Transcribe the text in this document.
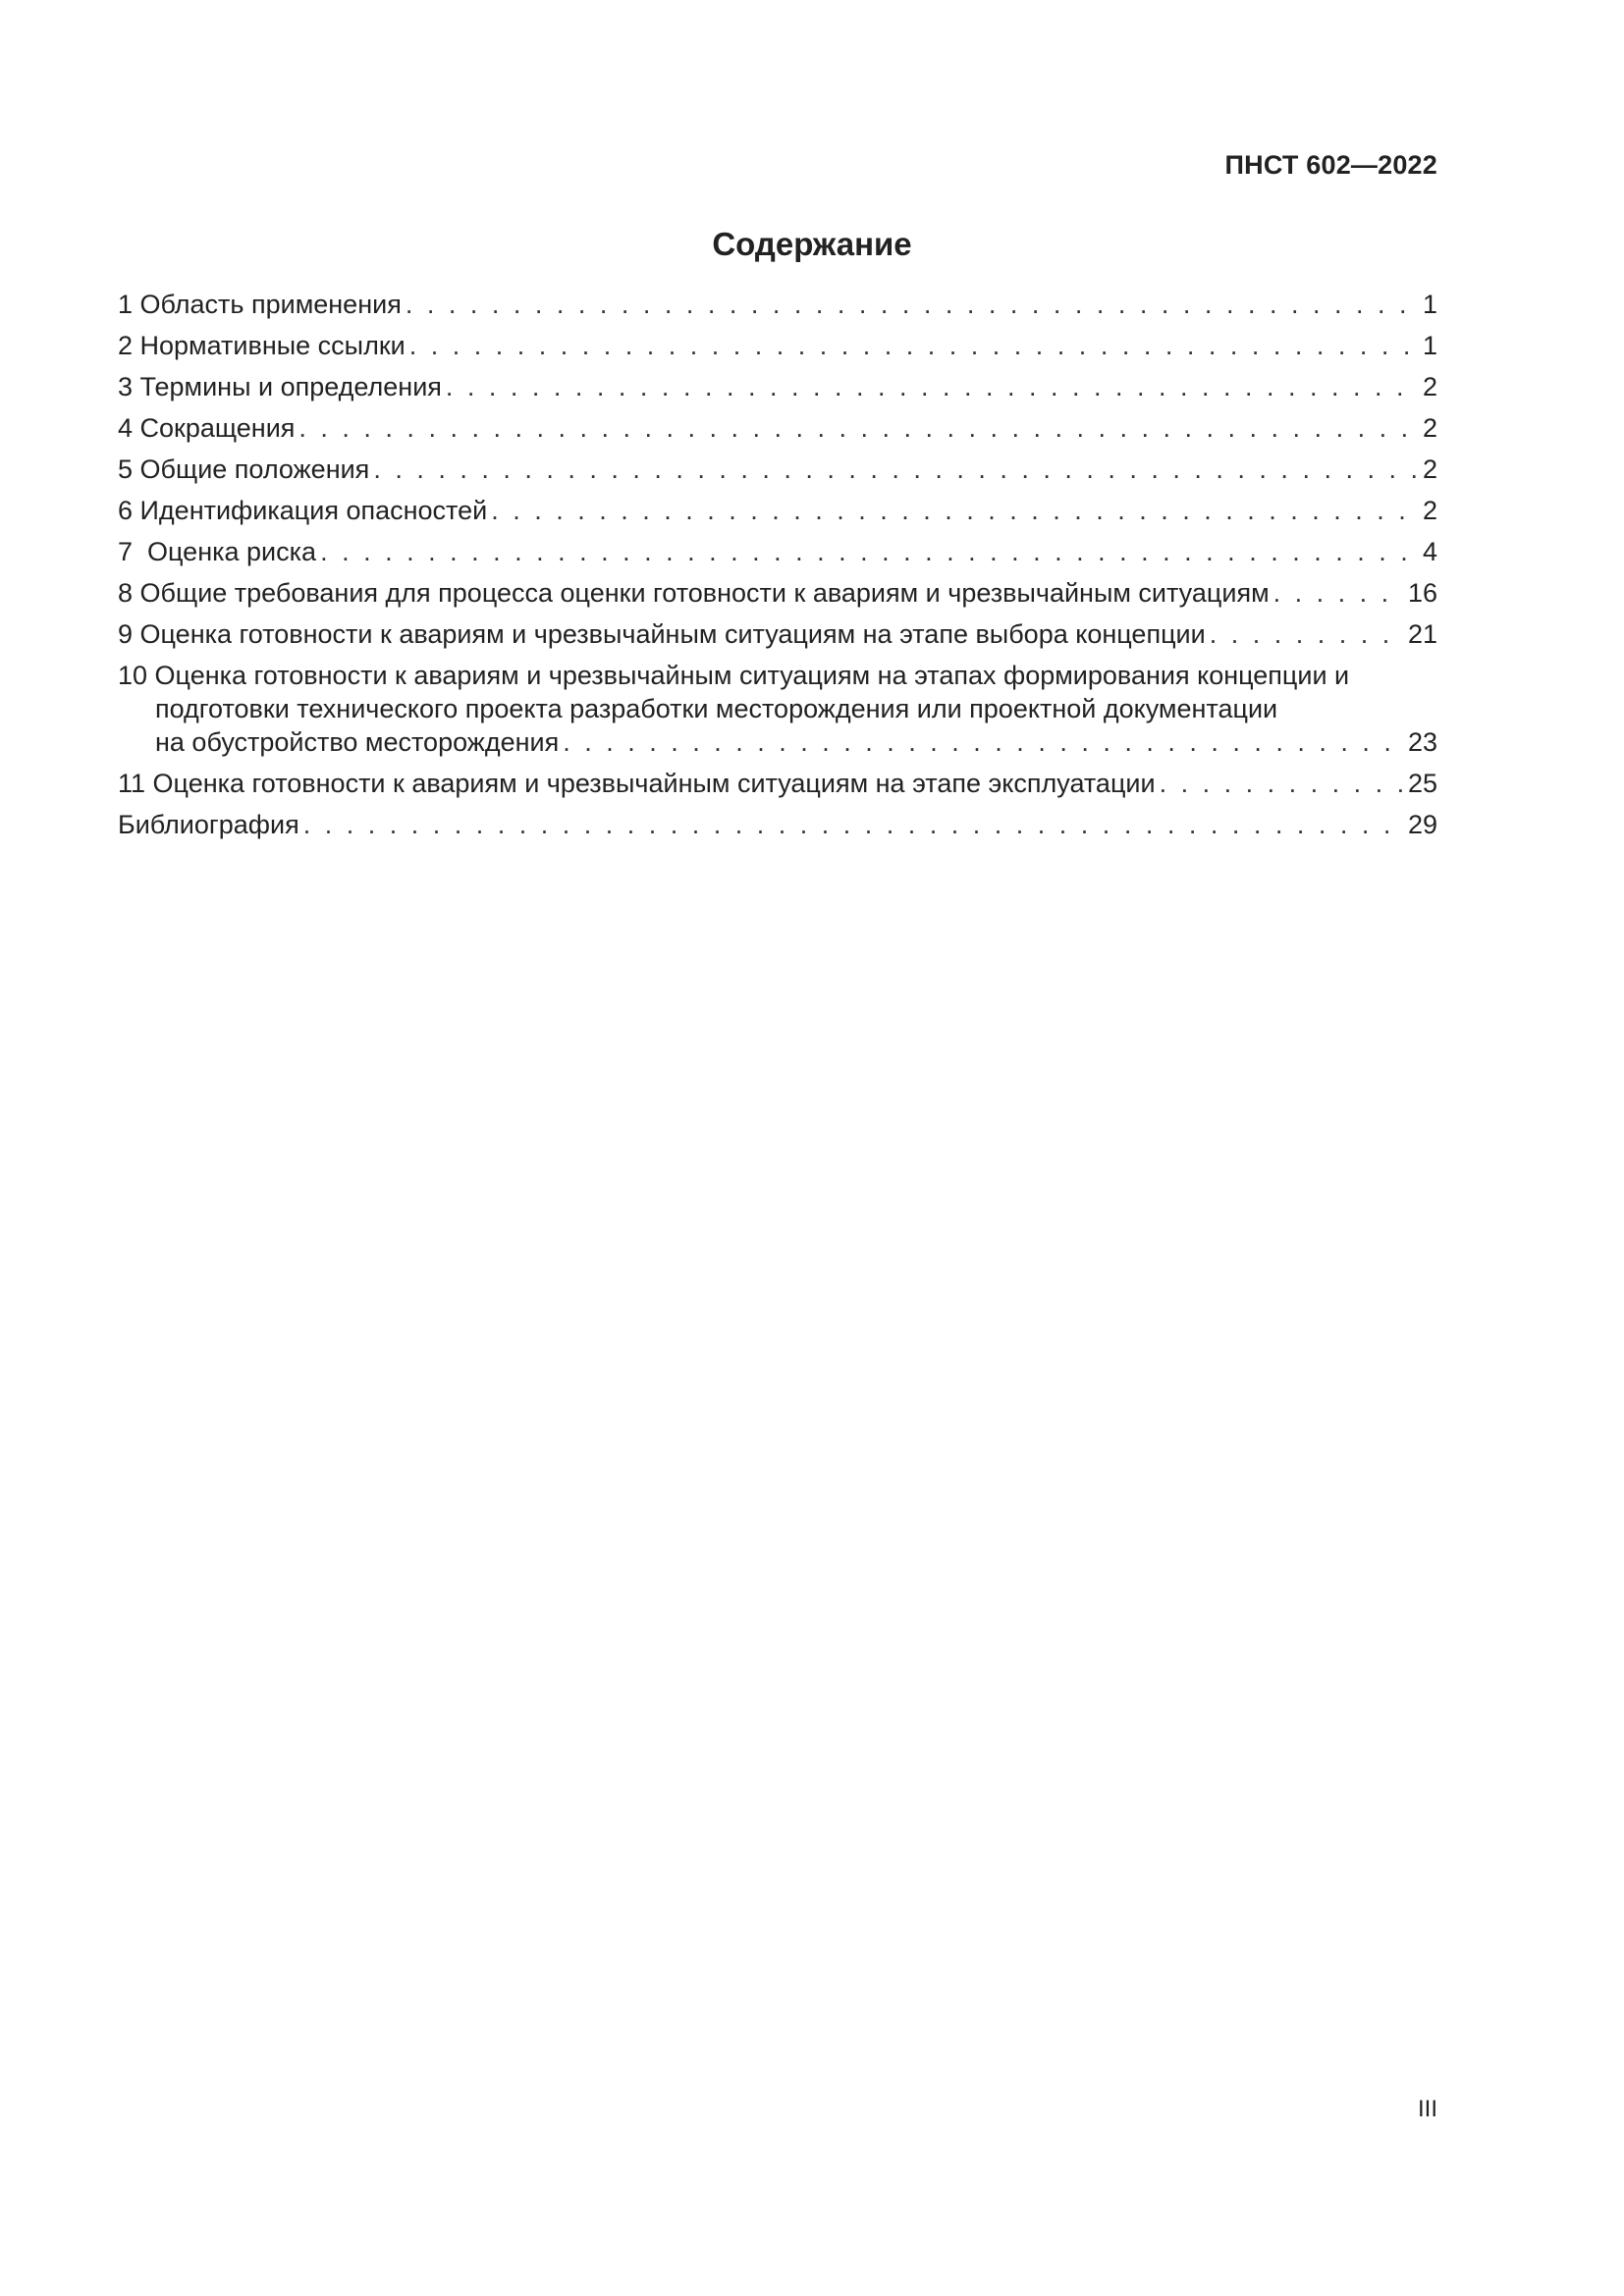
ПНСТ 602—2022
Содержание
1 Область применения . . .	1
2 Нормативные ссылки . . .	1
3 Термины и определения . . .	2
4 Сокращения . . .	2
5 Общие положения . . .	2
6 Идентификация опасностей . . .	2
7  Оценка риска . . .	4
8 Общие требования для процесса оценки готовности к авариям и чрезвычайным ситуациям . . .	16
9 Оценка готовности к авариям и чрезвычайным ситуациям на этапе выбора концепции . . .	21
10 Оценка готовности к авариям и чрезвычайным ситуациям на этапах формирования концепции и
подготовки технического проекта разработки месторождения или проектной документации
на обустройство месторождения . . .	23
11 Оценка готовности к авариям и чрезвычайным ситуациям на этапе эксплуатации . . .	25
Библиография . . .	29
III
